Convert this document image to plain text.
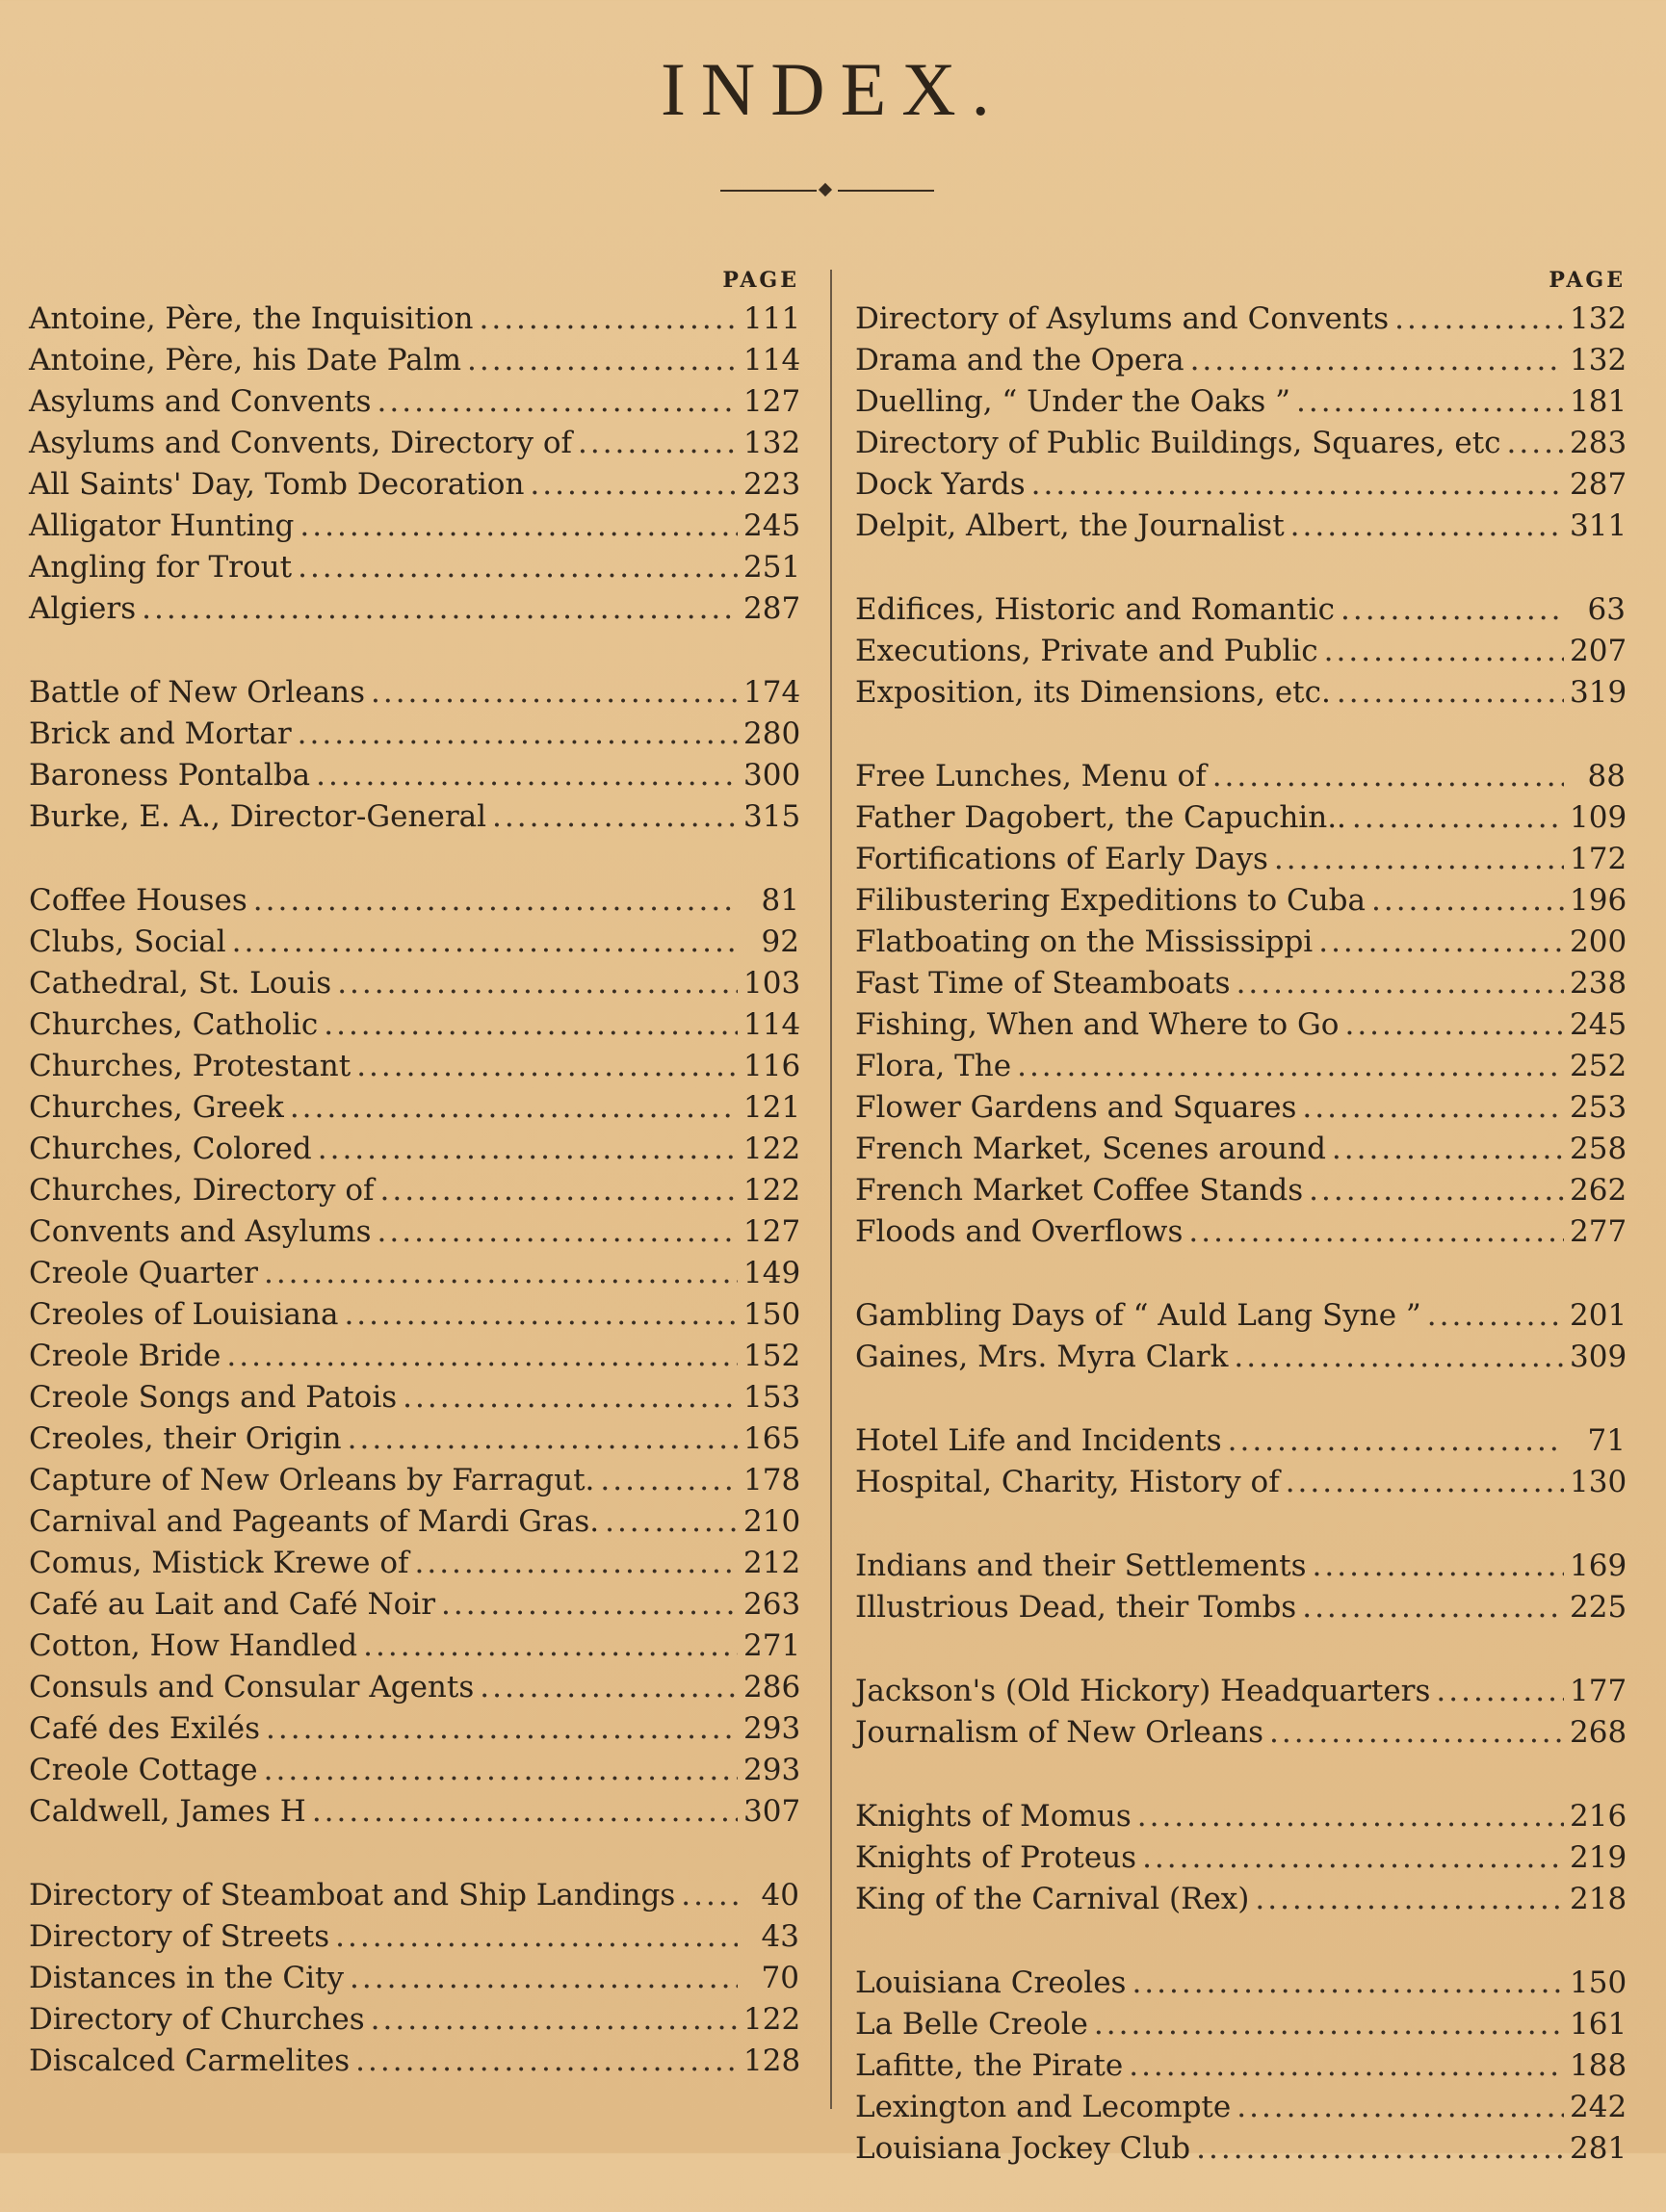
INDEX.
PAGE
Antoine, Père, the Inquisition .....	111
Antoine, Père, his Date Palm .....	114
Asylums and Convents .....	127
Asylums and Convents, Directory of .....	132
All Saints' Day, Tomb Decoration .....	223
Alligator Hunting .....	245
Angling for Trout .....	251
Algiers .....	287
Battle of New Orleans .....	174
Brick and Mortar .....	280
Baroness Pontalba .....	300
Burke, E. A., Director-General .....	315
Coffee Houses .....	81
Clubs, Social .....	92
Cathedral, St. Louis .....	103
Churches, Catholic .....	114
Churches, Protestant .....	116
Churches, Greek .....	121
Churches, Colored .....	122
Churches, Directory of .....	122
Convents and Asylums .....	127
Creole Quarter .....	149
Creoles of Louisiana .....	150
Creole Bride .....	152
Creole Songs and Patois .....	153
Creoles, their Origin .....	165
Capture of New Orleans by Farragut. .....	178
Carnival and Pageants of Mardi Gras. .....	210
Comus, Mistick Krewe of .....	212
Café au Lait and Café Noir .....	263
Cotton, How Handled .....	271
Consuls and Consular Agents .....	286
Café des Exilés .....	293
Creole Cottage .....	293
Caldwell, James H .....	307
Directory of Steamboat and Ship Landings .....	40
Directory of Streets .....	43
Distances in the City .....	70
Directory of Churches .....	122
Discalced Carmelites .....	128
PAGE
Directory of Asylums and Convents .....	132
Drama and the Opera .....	132
Duelling, “ Under the Oaks ” .....	181
Directory of Public Buildings, Squares, etc ..... 283
Dock Yards .....	287
Delpit, Albert, the Journalist .....	311
Edifices, Historic and Romantic .....	63
Executions, Private and Public .....	207
Exposition, its Dimensions, etc. .....	319
Free Lunches, Menu of .....	88
Father Dagobert, the Capuchin.. .....	109
Fortifications of Early Days .....	172
Filibustering Expeditions to Cuba .....	196
Flatboating on the Mississippi .....	200
Fast Time of Steamboats .....	238
Fishing, When and Where to Go .....	245
Flora, The .....	252
Flower Gardens and Squares .....	253
French Market, Scenes around .....	258
French Market Coffee Stands .....	262
Floods and Overflows .....	277
Gambling Days of “ Auld Lang Syne ” .....	201
Gaines, Mrs. Myra Clark .....	309
Hotel Life and Incidents .....	71
Hospital, Charity, History of .....	130
Indians and their Settlements .....	169
Illustrious Dead, their Tombs .....	225
Jackson's (Old Hickory) Headquarters .....	177
Journalism of New Orleans .....	268
Knights of Momus .....	216
Knights of Proteus .....	219
King of the Carnival (Rex) .....	218
Louisiana Creoles .....	150
La Belle Creole .....	161
Lafitte, the Pirate .....	188
Lexington and Lecompte .....	242
Louisiana Jockey Club .....	281
